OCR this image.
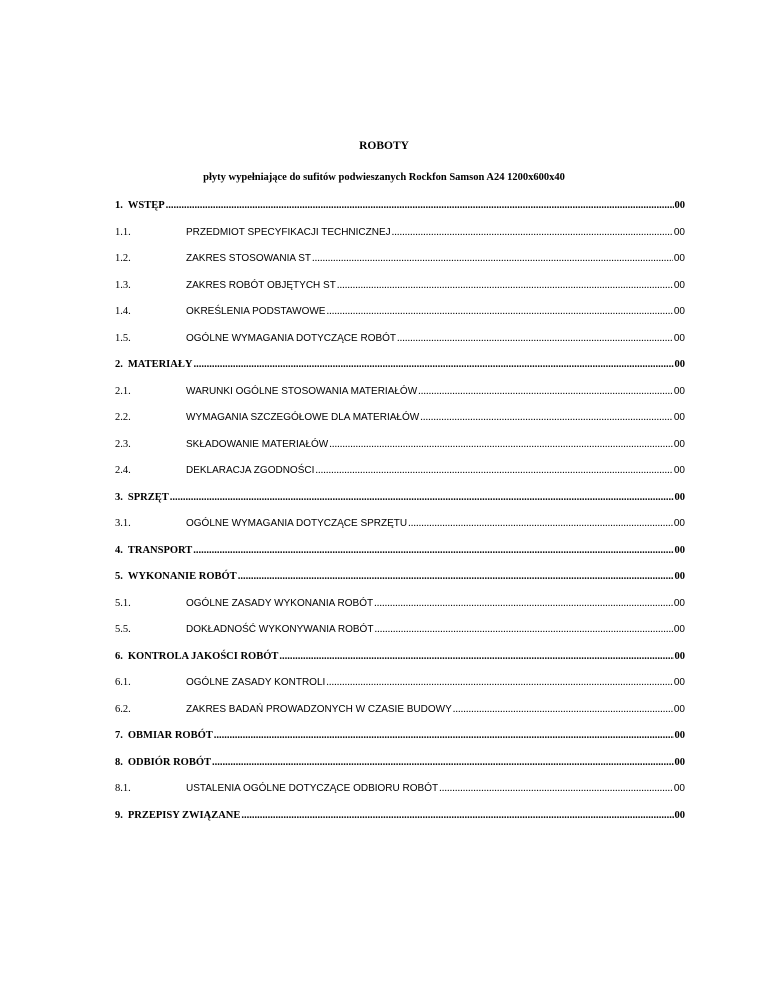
ROBOTY
płyty wypełniające do sufitów podwieszanych Rockfon Samson A24 1200x600x40
1. WSTĘP .....	00
1.1.	PRZEDMIOT SPECYFIKACJI TECHNICZNEJ .....	00
1.2.	ZAKRES STOSOWANIA ST .....	00
1.3.	ZAKRES ROBÓT OBJĘTYCH ST .....	00
1.4.	OKREŚLENIA PODSTAWOWE .....	00
1.5.	OGÓLNE WYMAGANIA DOTYCZĄCE ROBÓT .....	00
2. MATERIAŁY .....	00
2.1.	WARUNKI OGÓLNE STOSOWANIA MATERIAŁÓW .....	00
2.2.	WYMAGANIA SZCZEGÓŁOWE DLA MATERIAŁÓW .....	00
2.3.	SKŁADOWANIE MATERIAŁÓW .....	00
2.4.	DEKLARACJA ZGODNOŚCI .....	00
3. SPRZĘT .....	00
3.1.	OGÓLNE WYMAGANIA DOTYCZĄCE SPRZĘTU .....	00
4. TRANSPORT .....	00
5. WYKONANIE ROBÓT .....	00
5.1.	OGÓLNE ZASADY WYKONANIA ROBÓT .....	00
5.5.	DOKŁADNOŚĆ WYKONYWANIA ROBÓT .....	00
6. KONTROLA JAKOŚCI ROBÓT .....	00
6.1.	OGÓLNE ZASADY KONTROLI .....	00
6.2.	ZAKRES BADAŃ PROWADZONYCH W CZASIE BUDOWY .....	00
7. OBMIAR ROBÓT .....	00
8. ODBIÓR ROBÓT .....	00
8.1.	USTALENIA OGÓLNE DOTYCZĄCE ODBIORU ROBÓT .....	00
9. PRZEPISY ZWIĄZANE .....	00
